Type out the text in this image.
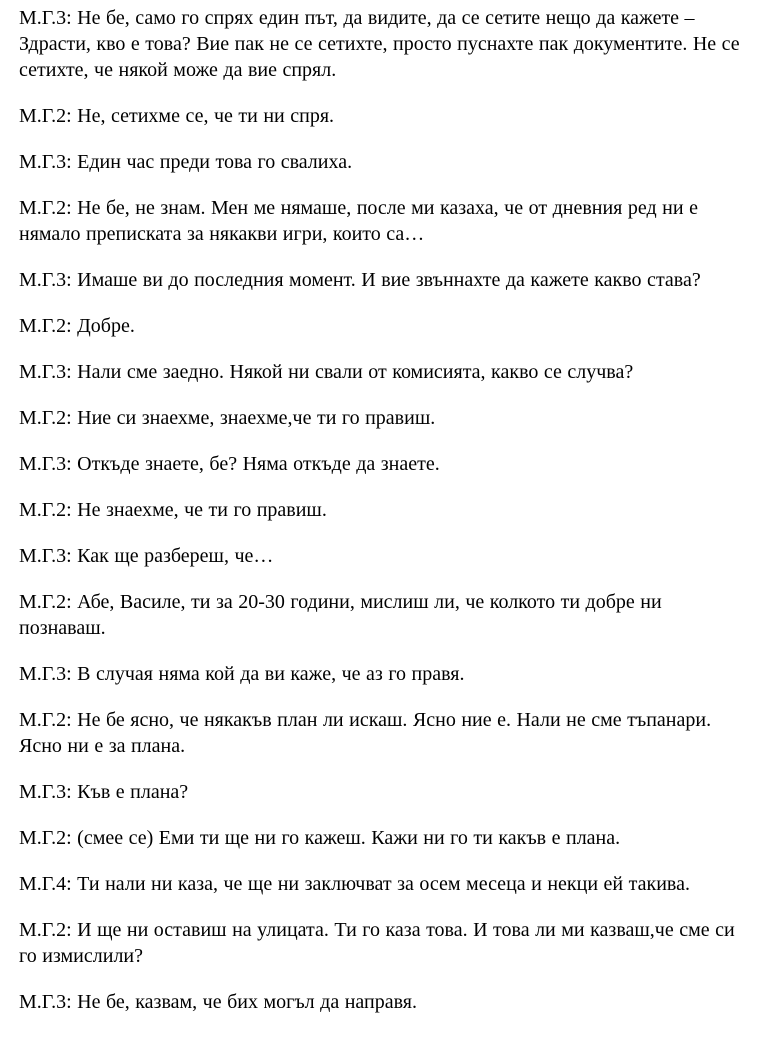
М.Г.3: Не бе, само го спрях един път, да видите, да се сетите нещо да кажете – Здрасти, кво е това? Вие пак не се сетихте, просто пуснахте пак документите. Не се сетихте, че някой може да вие спрял.

М.Г.2: Не, сетихме се, че ти ни спря.

М.Г.3: Един час преди това го свалиха.

М.Г.2: Не бе, не знам. Мен ме нямаше, после ми казаха, че от дневния ред ни е нямало преписката за някакви игри, които са…

М.Г.3: Имаше ви до последния момент. И вие звъннахте да кажете какво става?

М.Г.2: Добре.

М.Г.3: Нали сме заедно. Някой ни свали от комисията, какво се случва?

М.Г.2: Ние си знаехме, знаехме,че ти го правиш.

М.Г.3: Откъде знаете, бе? Няма откъде да знаете.

М.Г.2: Не знаехме, че ти го правиш.

М.Г.3: Как ще разбереш, че…

М.Г.2: Абе, Василе, ти за 20-30 години, мислиш ли, че колкото ти добре ни познаваш.

М.Г.3: В случая няма кой да ви каже, че аз го правя.

М.Г.2: Не бе ясно, че някакъв план ли искаш. Ясно ние е. Нали не сме тъпанари. Ясно ни е за плана.

М.Г.3: Къв е плана?

М.Г.2: (смее се) Еми ти ще ни го кажеш. Кажи ни го ти какъв е плана.

М.Г.4: Ти нали ни каза, че ще ни заключват за осем месеца и некци ей такива.

М.Г.2: И ще ни оставиш на улицата. Ти го каза това. И това ли ми казваш,че сме си го измислили?

М.Г.3: Не бе, казвам, че бих могъл да направя.
